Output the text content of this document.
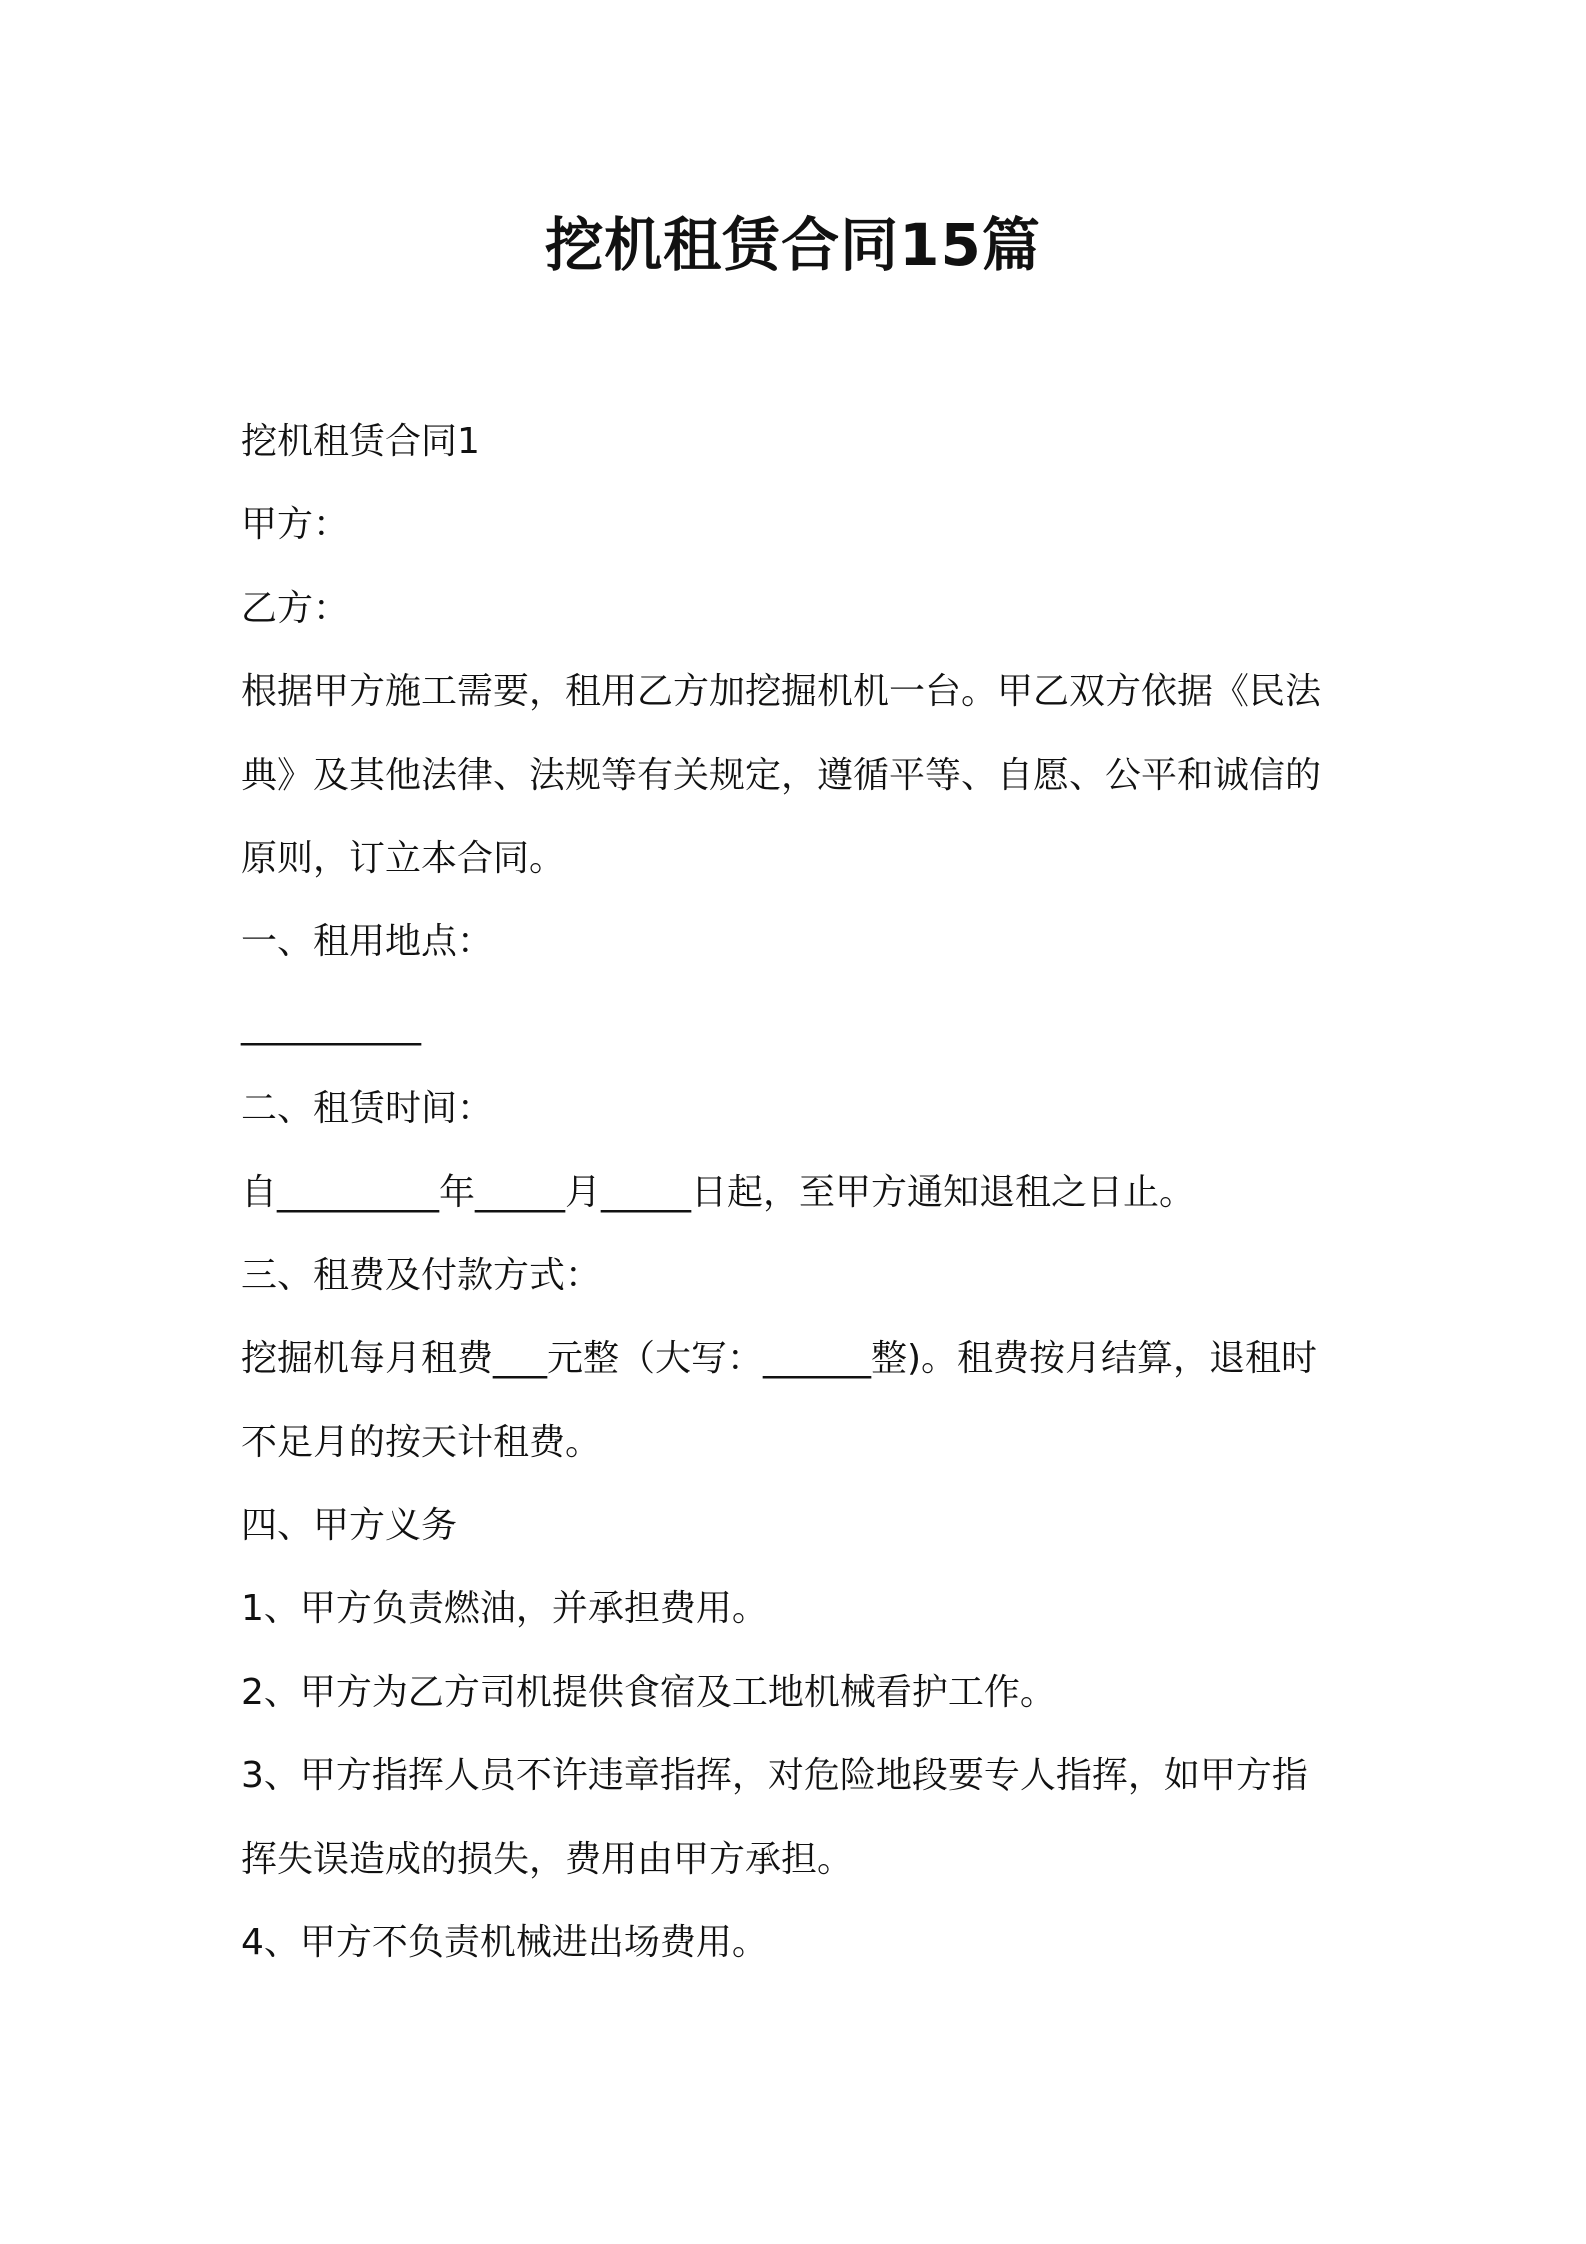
挖机租赁合同15篇
挖机租赁合同1
甲方：
乙方：
根据甲方施工需要，租用乙方加挖掘机机一台。甲乙双方依据《民法
典》及其他法律、法规等有关规定，遵循平等、自愿、公平和诚信的
原则，订立本合同。
一、租用地点：
__________
二、租赁时间：
自_________年_____月_____日起，至甲方通知退租之日止。
三、租费及付款方式：
挖掘机每月租费___元整（大写：______整)。租费按月结算，退租时
不足月的按天计租费。
四、甲方义务
1、甲方负责燃油，并承担费用。
2、甲方为乙方司机提供食宿及工地机械看护工作。
3、甲方指挥人员不许违章指挥，对危险地段要专人指挥，如甲方指
挥失误造成的损失，费用由甲方承担。
4、甲方不负责机械进出场费用。
